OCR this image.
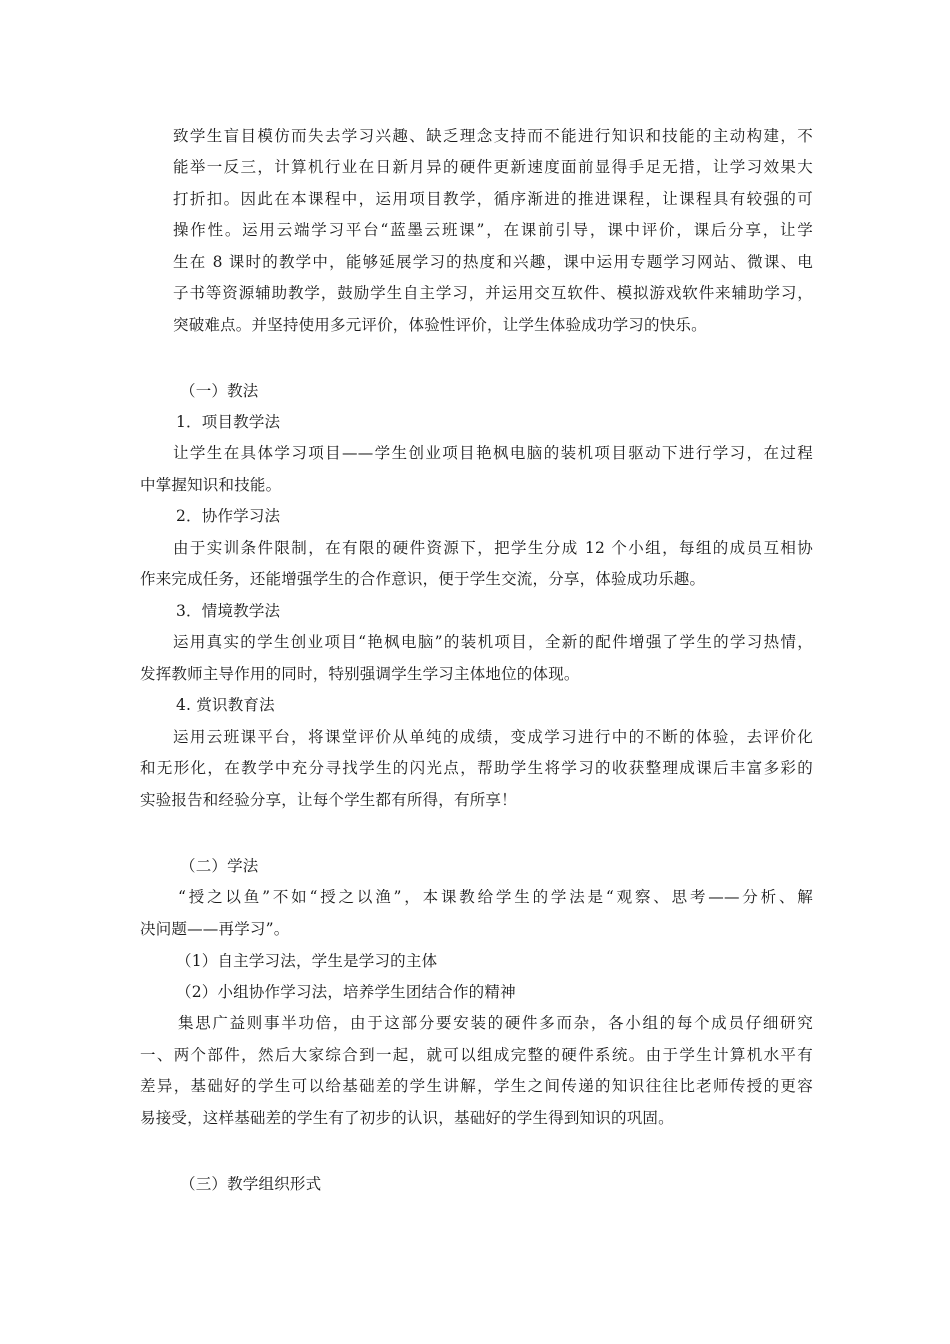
致学生盲目模仿而失去学习兴趣、缺乏理念支持而不能进行知识和技能的主动构建，不
能举一反三，计算机行业在日新月异的硬件更新速度面前显得手足无措，让学习效果大
打折扣。因此在本课程中，运用项目教学，循序渐进的推进课程，让课程具有较强的可
操作性。运用云端学习平台“蓝墨云班课”，在课前引导，课中评价，课后分享，让学
生在 8 课时的教学中，能够延展学习的热度和兴趣，课中运用专题学习网站、微课、电
子书等资源辅助教学，鼓励学生自主学习，并运用交互软件、模拟游戏软件来辅助学习，
突破难点。并坚持使用多元评价，体验性评价，让学生体验成功学习的快乐。
（一）教法
1．项目教学法
让学生在具体学习项目——学生创业项目艳枫电脑的装机项目驱动下进行学习，在过程
中掌握知识和技能。
2．协作学习法
由于实训条件限制，在有限的硬件资源下，把学生分成 12 个小组，每组的成员互相协
作来完成任务，还能增强学生的合作意识，便于学生交流，分享，体验成功乐趣。
3．情境教学法
运用真实的学生创业项目“艳枫电脑”的装机项目，全新的配件增强了学生的学习热情，
发挥教师主导作用的同时，特别强调学生学习主体地位的体现。
4. 赏识教育法
运用云班课平台，将课堂评价从单纯的成绩，变成学习进行中的不断的体验，去评价化
和无形化，在教学中充分寻找学生的闪光点，帮助学生将学习的收获整理成课后丰富多彩的
实验报告和经验分享，让每个学生都有所得，有所享！
（二）学法
“授之以鱼”不如“授之以渔”，本课教给学生的学法是“观察、思考——分析、解
决问题——再学习”。
（1）自主学习法，学生是学习的主体
（2）小组协作学习法，培养学生团结合作的精神
集思广益则事半功倍，由于这部分要安装的硬件多而杂，各小组的每个成员仔细研究
一、两个部件，然后大家综合到一起，就可以组成完整的硬件系统。由于学生计算机水平有
差异，基础好的学生可以给基础差的学生讲解，学生之间传递的知识往往比老师传授的更容
易接受，这样基础差的学生有了初步的认识，基础好的学生得到知识的巩固。
（三）教学组织形式
